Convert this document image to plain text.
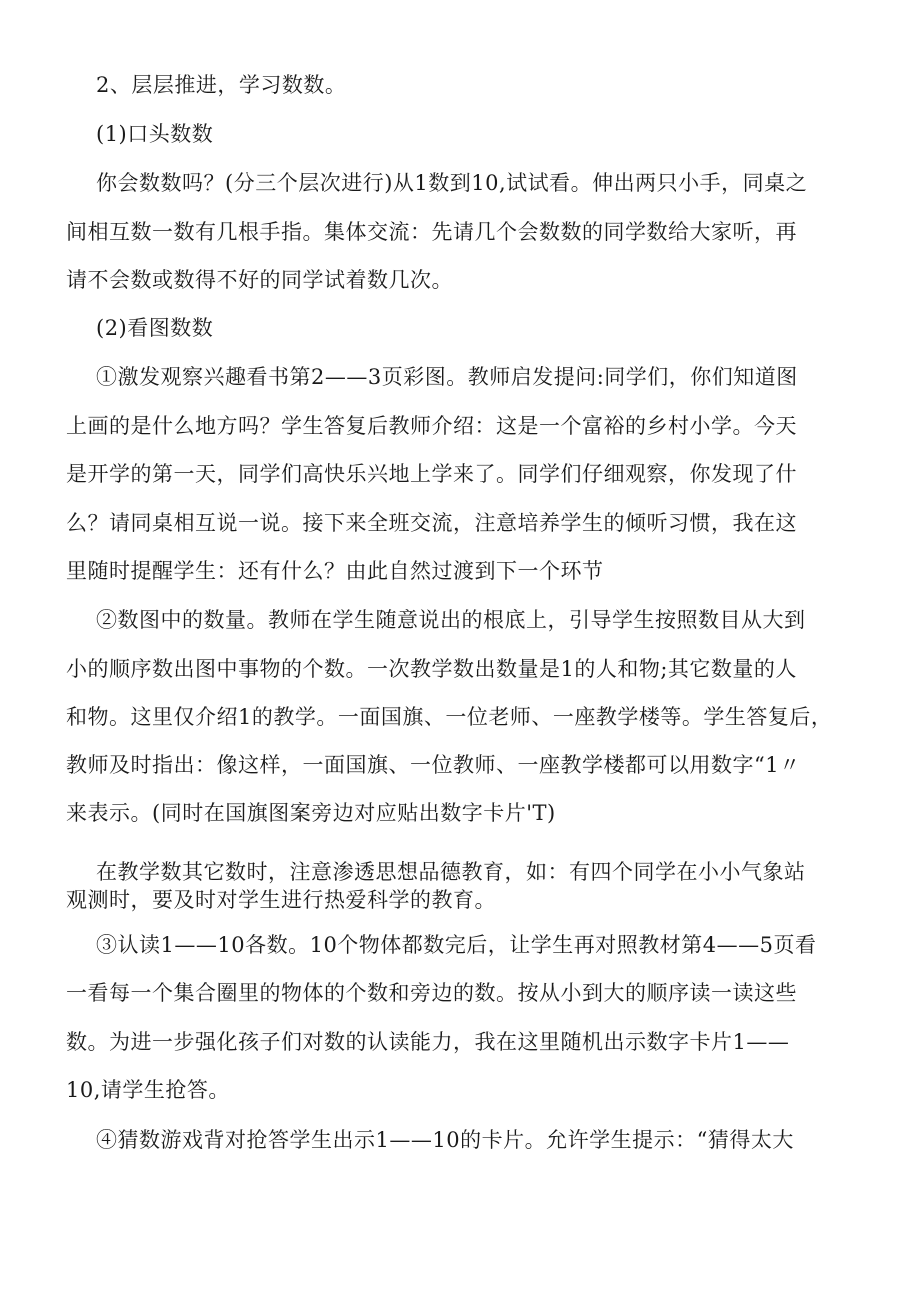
2、层层推进，学习数数。
(1)口头数数
你会数数吗？(分三个层次进行)从1数到10,试试看。伸出两只小手，同桌之
间相互数一数有几根手指。集体交流：先请几个会数数的同学数给大家听，再
请不会数或数得不好的同学试着数几次。
(2)看图数数
①激发观察兴趣看书第2——3页彩图。教师启发提问:同学们，你们知道图
上画的是什么地方吗？学生答复后教师介绍：这是一个富裕的乡村小学。今天
是开学的第一天，同学们高快乐兴地上学来了。同学们仔细观察，你发现了什
么？请同桌相互说一说。接下来全班交流，注意培养学生的倾听习惯，我在这
里随时提醒学生：还有什么？由此自然过渡到下一个环节
②数图中的数量。教师在学生随意说出的根底上，引导学生按照数目从大到
小的顺序数出图中事物的个数。一次教学数出数量是1的人和物;其它数量的人
和物。这里仅介绍1的教学。一面国旗、一位老师、一座教学楼等。学生答复后，
教师及时指出：像这样，一面国旗、一位教师、一座教学楼都可以用数字“1〃
来表示。(同时在国旗图案旁边对应贴出数字卡片'T)
在教学数其它数时，注意渗透思想品德教育，如：有四个同学在小小气象站
观测时，要及时对学生进行热爱科学的教育。
③认读1——10各数。10个物体都数完后，让学生再对照教材第4——5页看
一看每一个集合圈里的物体的个数和旁边的数。按从小到大的顺序读一读这些
数。为进一步强化孩子们对数的认读能力，我在这里随机出示数字卡片1——
10,请学生抢答。
④猜数游戏背对抢答学生出示1——10的卡片。允许学生提示：“猜得太大
